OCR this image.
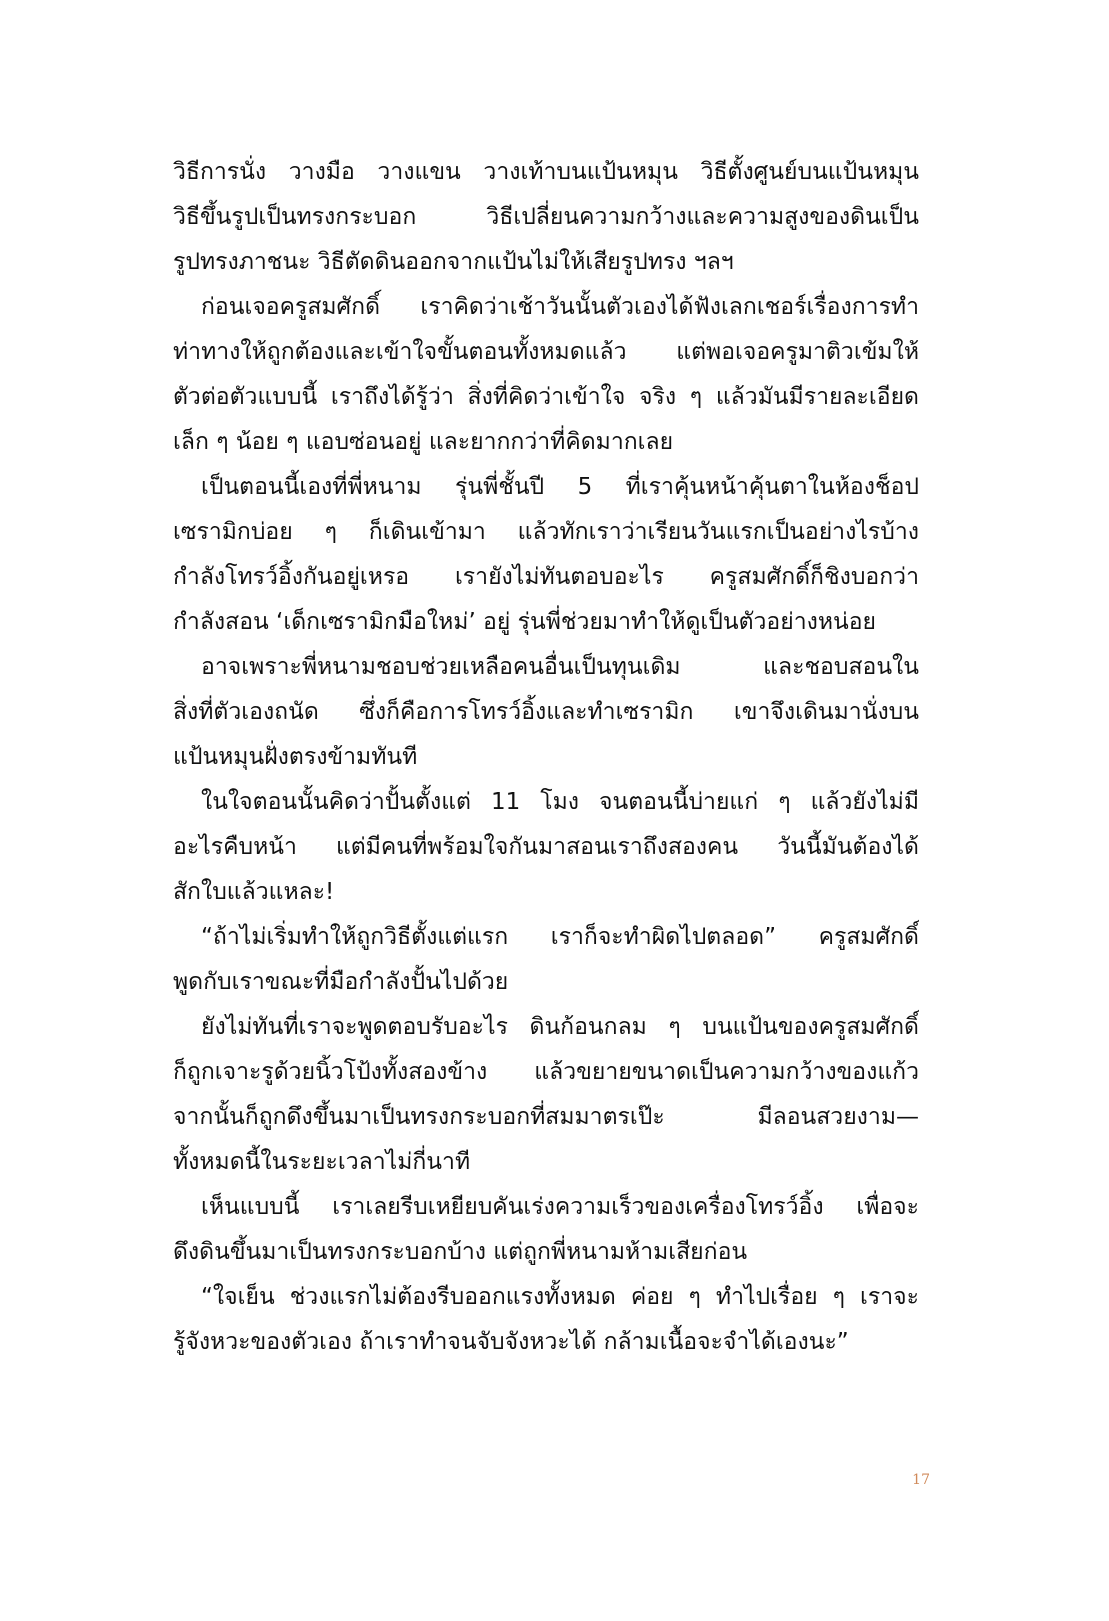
วิธีการนั่ง วางมือ วางแขน วางเท้าบนแป้นหมุน วิธีตั้งศูนย์บนแป้นหมุน
วิธีขึ้นรูปเป็นทรงกระบอก วิธีเปลี่ยนความกว้างและความสูงของดินเป็น
รูปทรงภาชนะ วิธีตัดดินออกจากแป้นไม่ให้เสียรูปทรง ฯลฯ
ก่อนเจอครูสมศักดิ์ เราคิดว่าเช้าวันนั้นตัวเองได้ฟังเลกเชอร์เรื่องการทำ
ท่าทางให้ถูกต้องและเข้าใจขั้นตอนทั้งหมดแล้ว แต่พอเจอครูมาติวเข้มให้
ตัวต่อตัวแบบนี้ เราถึงได้รู้ว่า สิ่งที่คิดว่าเข้าใจ จริง ๆ แล้วมันมีรายละเอียด
เล็ก ๆ น้อย ๆ แอบซ่อนอยู่ และยากกว่าที่คิดมากเลย
เป็นตอนนี้เองที่พี่หนาม รุ่นพี่ชั้นปี 5 ที่เราคุ้นหน้าคุ้นตาในห้องช็อป
เซรามิกบ่อย ๆ ก็เดินเข้ามา แล้วทักเราว่าเรียนวันแรกเป็นอย่างไรบ้าง
กำลังโทรว์อิ้งกันอยู่เหรอ เรายังไม่ทันตอบอะไร ครูสมศักดิ์ก็ชิงบอกว่า
กำลังสอน ‘เด็กเซรามิกมือใหม่’ อยู่ รุ่นพี่ช่วยมาทำให้ดูเป็นตัวอย่างหน่อย
อาจเพราะพี่หนามชอบช่วยเหลือคนอื่นเป็นทุนเดิม และชอบสอนใน
สิ่งที่ตัวเองถนัด ซึ่งก็คือการโทรว์อิ้งและทำเซรามิก เขาจึงเดินมานั่งบน
แป้นหมุนฝั่งตรงข้ามทันที
ในใจตอนนั้นคิดว่าปั้นตั้งแต่ 11 โมง จนตอนนี้บ่ายแก่ ๆ แล้วยังไม่มี
อะไรคืบหน้า แต่มีคนที่พร้อมใจกันมาสอนเราถึงสองคน วันนี้มันต้องได้
สักใบแล้วแหละ!
“ถ้าไม่เริ่มทำให้ถูกวิธีตั้งแต่แรก เราก็จะทำผิดไปตลอด” ครูสมศักดิ์
พูดกับเราขณะที่มือกำลังปั้นไปด้วย
ยังไม่ทันที่เราจะพูดตอบรับอะไร ดินก้อนกลม ๆ บนแป้นของครูสมศักดิ์
ก็ถูกเจาะรูด้วยนิ้วโป้งทั้งสองข้าง แล้วขยายขนาดเป็นความกว้างของแก้ว
จากนั้นก็ถูกดึงขึ้นมาเป็นทรงกระบอกที่สมมาตรเป๊ะ มีลอนสวยงาม—
ทั้งหมดนี้ในระยะเวลาไม่กี่นาที
เห็นแบบนี้ เราเลยรีบเหยียบคันเร่งความเร็วของเครื่องโทรว์อิ้ง เพื่อจะ
ดึงดินขึ้นมาเป็นทรงกระบอกบ้าง แต่ถูกพี่หนามห้ามเสียก่อน
“ใจเย็น ช่วงแรกไม่ต้องรีบออกแรงทั้งหมด ค่อย ๆ ทำไปเรื่อย ๆ เราจะ
รู้จังหวะของตัวเอง ถ้าเราทำจนจับจังหวะได้ กล้ามเนื้อจะจำได้เองนะ”
17
